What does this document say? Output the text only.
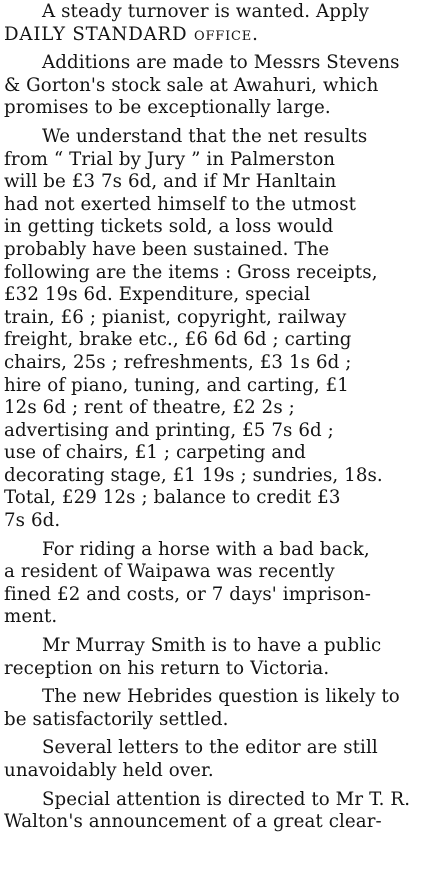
A steady turnover is wanted. Apply
DAILY STANDARD office.
Additions are made to Messrs Stevens
& Gorton's stock sale at Awahuri, which
promises to be exceptionally large.
We understand that the net results
from “ Trial by Jury ” in Palmerston
will be £3 7s 6d, and if Mr Hanltain
had not exerted himself to the utmost
in getting tickets sold, a loss would
probably have been sustained. The
following are the items : Gross receipts,
£32 19s 6d. Expenditure, special
train, £6 ; pianist, copyright, railway
freight, brake etc., £6 6d 6d ; carting
chairs, 25s ; refreshments, £3 1s 6d ;
hire of piano, tuning, and carting, £1
12s 6d ; rent of theatre, £2 2s ;
advertising and printing, £5 7s 6d ;
use of chairs, £1 ; carpeting and
decorating stage, £1 19s ; sundries, 18s.
Total, £29 12s ; balance to credit £3
7s 6d.
For riding a horse with a bad back,
a resident of Waipawa was recently
fined £2 and costs, or 7 days' imprison-
ment.
Mr Murray Smith is to have a public
reception on his return to Victoria.
The new Hebrides question is likely to
be satisfactorily settled.
Several letters to the editor are still
unavoidably held over.
Special attention is directed to Mr T. R.
Walton's announcement of a great clear-
